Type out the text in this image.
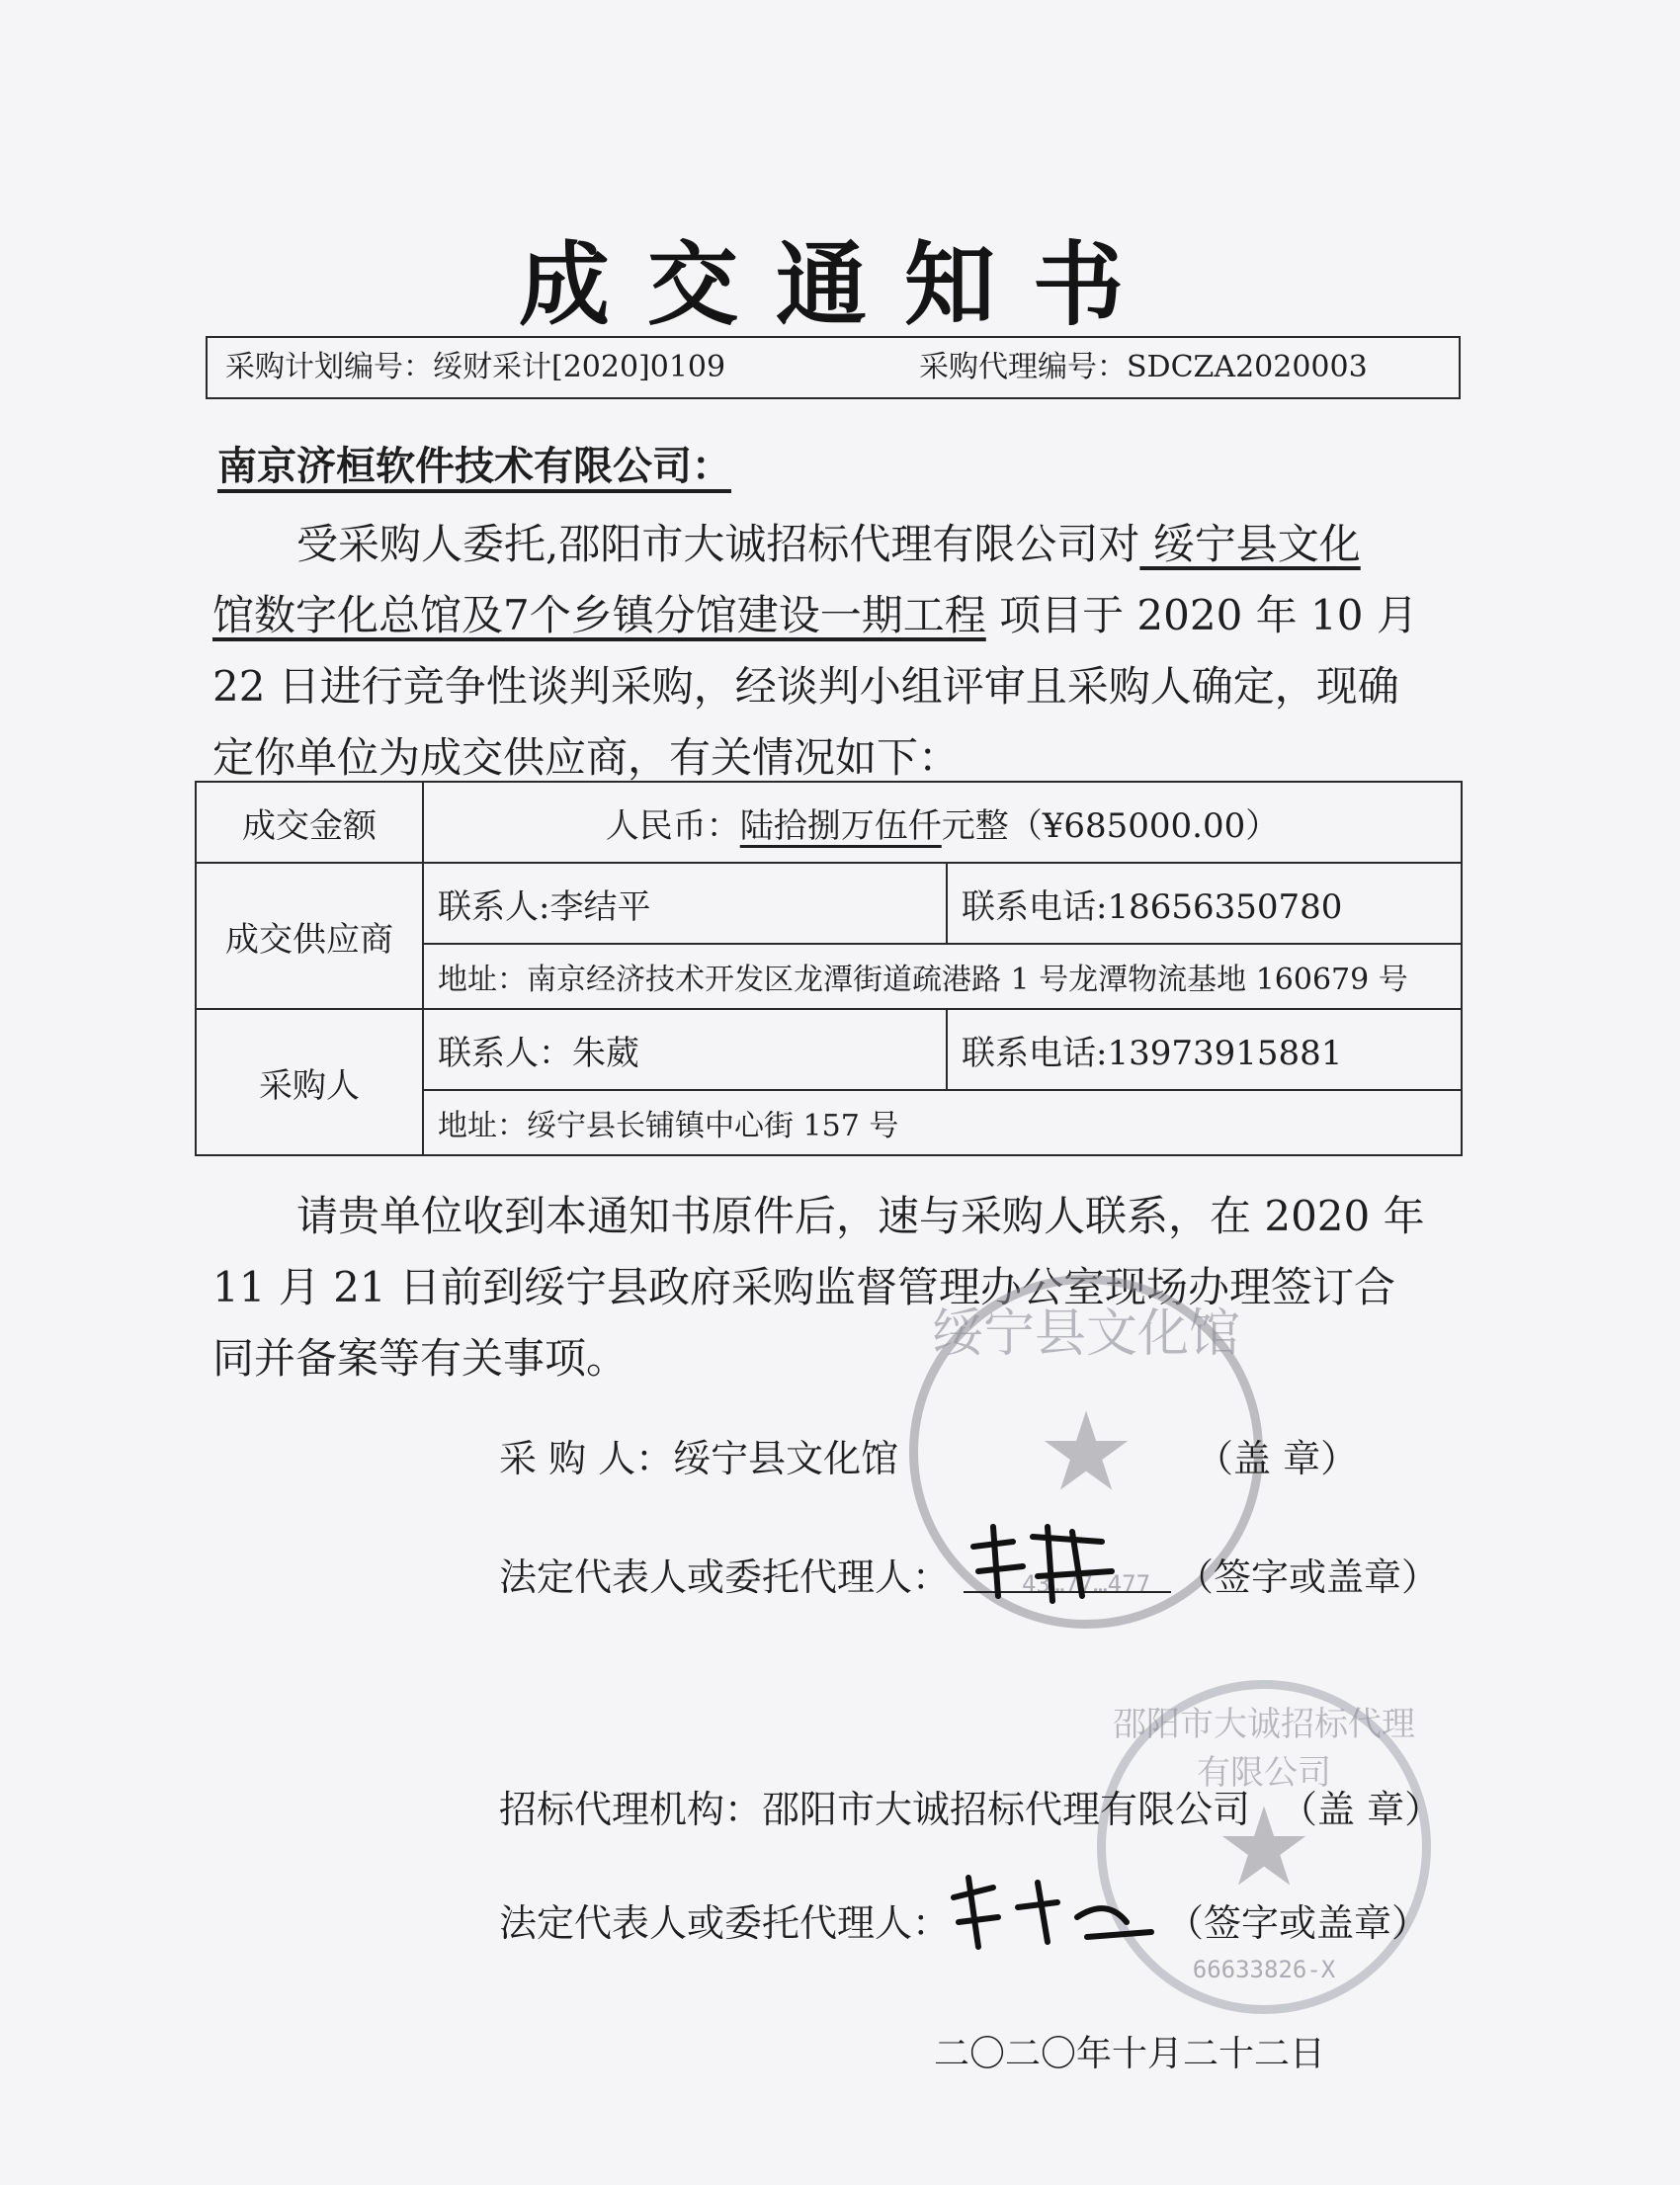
成交通知书
采购计划编号：绥财采计[2020]0109	采购代理编号：SDCZA2020003
南京济桓软件技术有限公司：
受采购人委托,邵阳市大诚招标代理有限公司对 绥宁县文化
馆数字化总馆及7个乡镇分馆建设一期工程 项目于 2020 年 10 月
22 日进行竞争性谈判采购，经谈判小组评审且采购人确定，现确
定你单位为成交供应商，有关情况如下：
成交金额	人民币：陆拾捌万伍仟元整（¥685000.00）	
成交供应商	联系人:李结平	联系电话:18656350780
	地址：南京经济技术开发区龙潭街道疏港路 1 号龙潭物流基地 160679 号	
采购人	联系人：朱葳	联系电话:13973915881
	地址：绥宁县长铺镇中心街 157 号	
请贵单位收到本通知书原件后，速与采购人联系，在 2020 年
11 月 21 日前到绥宁县政府采购监督管理办公室现场办理签订合
同并备案等有关事项。	绥宁县文化馆
★
43…77…477
采 购 人：绥宁县文化馆	（盖 章）
法定代表人或委托代理人：	（签字或盖章）
邵阳市大诚招标代理有限公司
★
66633826-X
招标代理机构：邵阳市大诚招标代理有限公司 （盖 章）
法定代表人或委托代理人：	（签字或盖章）
二〇二〇年十月二十二日
